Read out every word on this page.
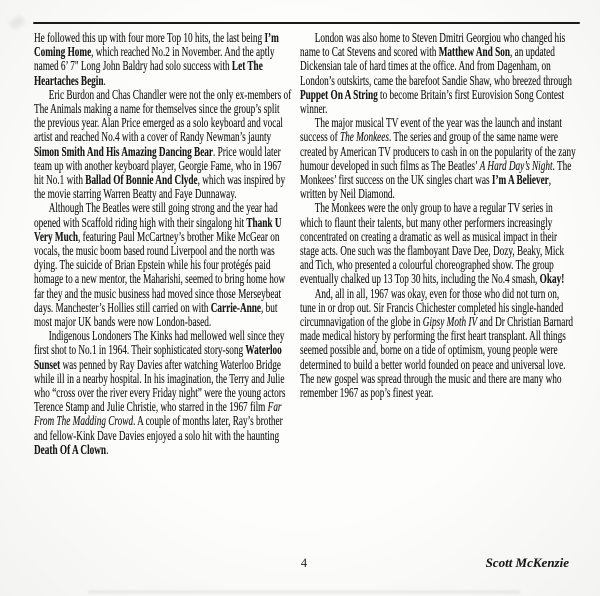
He followed this up with four more Top 10 hits, the last being I’m Coming Home, which reached No.2 in November. And the aptly named 6’ 7" Long John Baldry had solo success with Let The Heartaches Begin.

Eric Burdon and Chas Chandler were not the only ex-members of The Animals making a name for themselves since the group’s split the previous year. Alan Price emerged as a solo keyboard and vocal artist and reached No.4 with a cover of Randy Newman’s jaunty Simon Smith And His Amazing Dancing Bear. Price would later team up with another keyboard player, Georgie Fame, who in 1967 hit No.1 with Ballad Of Bonnie And Clyde, which was inspired by the movie starring Warren Beatty and Faye Dunnaway.

Although The Beatles were still going strong and the year had opened with Scaffold riding high with their singalong hit Thank U Very Much, featuring Paul McCartney’s brother Mike McGear on vocals, the music boom based round Liverpool and the north was dying. The suicide of Brian Epstein while his four protégés paid homage to a new mentor, the Maharishi, seemed to bring home how far they and the music business had moved since those Merseybeat days. Manchester’s Hollies still carried on with Carrie-Anne, but most major UK bands were now London-based.

Indigenous Londoners The Kinks had mellowed well since they first shot to No.1 in 1964. Their sophisticated story-song Waterloo Sunset was penned by Ray Davies after watching Waterloo Bridge while ill in a nearby hospital. In his imagination, the Terry and Julie who “cross over the river every Friday night” were the young actors Terence Stamp and Julie Christie, who starred in the 1967 film Far From The Madding Crowd. A couple of months later, Ray’s brother and fellow-Kink Dave Davies enjoyed a solo hit with the haunting Death Of A Clown.

London was also home to Steven Dmitri Georgiou who changed his name to Cat Stevens and scored with Matthew And Son, an updated Dickensian tale of hard times at the office. And from Dagenham, on London’s outskirts, came the barefoot Sandie Shaw, who breezed through Puppet On A String to become Britain’s first Eurovision Song Contest winner.

The major musical TV event of the year was the launch and instant success of The Monkees. The series and group of the same name were created by American TV producers to cash in on the popularity of the zany humour developed in such films as The Beatles’ A Hard Day’s Night. The Monkees’ first success on the UK singles chart was I’m A Believer, written by Neil Diamond.

The Monkees were the only group to have a regular TV series in which to flaunt their talents, but many other performers increasingly concentrated on creating a dramatic as well as musical impact in their stage acts. One such was the flamboyant Dave Dee, Dozy, Beaky, Mick and Tich, who presented a colourful choreographed show. The group eventually chalked up 13 Top 30 hits, including the No.4 smash, Okay!

And, all in all, 1967 was okay, even for those who did not turn on, tune in or drop out. Sir Francis Chichester completed his single-handed circumnavigation of the globe in Gipsy Moth IV and Dr Christian Barnard made medical history by performing the first heart transplant. All things seemed possible and, borne on a tide of optimism, young people were determined to build a better world founded on peace and universal love. The new gospel was spread through the music and there are many who remember 1967 as pop’s finest year.

4	Scott McKenzie
